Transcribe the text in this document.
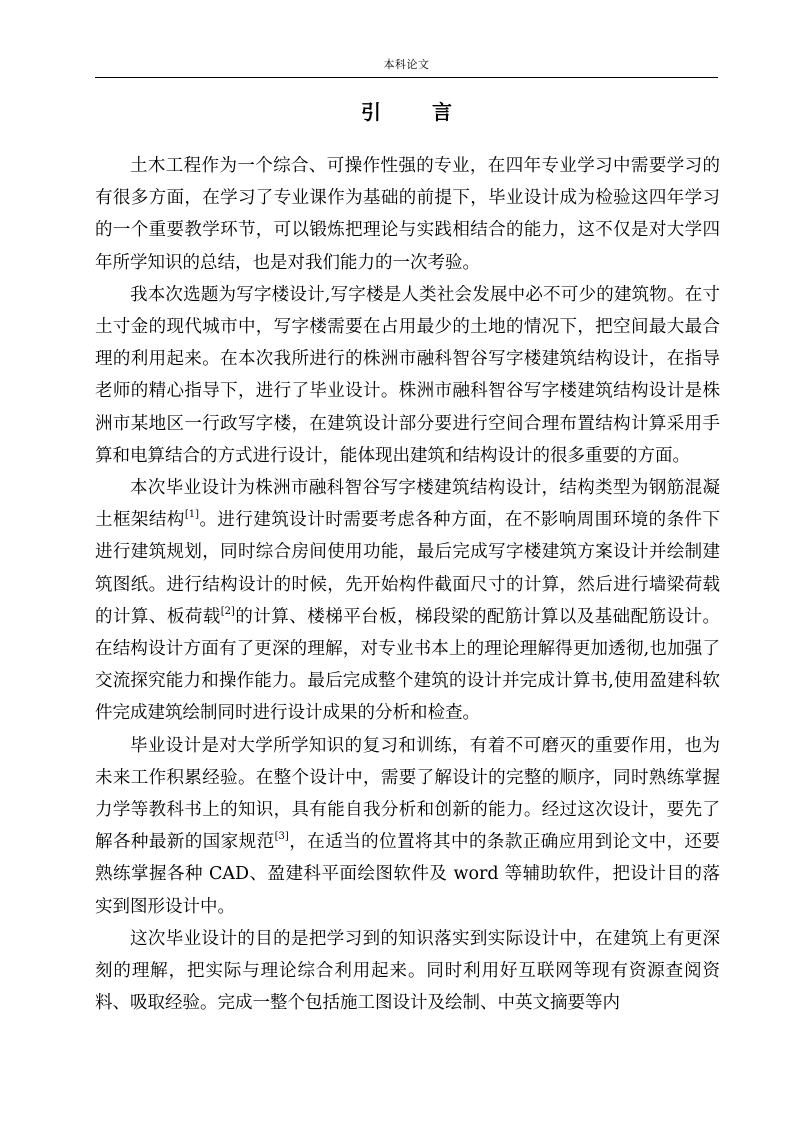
本科论文
引 言

土木工程作为一个综合、可操作性强的专业，在四年专业学习中需要学习的有很多方面，在学习了专业课作为基础的前提下，毕业设计成为检验这四年学习的一个重要教学环节，可以锻炼把理论与实践相结合的能力，这不仅是对大学四年所学知识的总结，也是对我们能力的一次考验。

我本次选题为写字楼设计,写字楼是人类社会发展中必不可少的建筑物。在寸土寸金的现代城市中，写字楼需要在占用最少的土地的情况下，把空间最大最合理的利用起来。在本次我所进行的株洲市融科智谷写字楼建筑结构设计，在指导老师的精心指导下，进行了毕业设计。株洲市融科智谷写字楼建筑结构设计是株洲市某地区一行政写字楼，在建筑设计部分要进行空间合理布置结构计算采用手算和电算结合的方式进行设计，能体现出建筑和结构设计的很多重要的方面。

本次毕业设计为株洲市融科智谷写字楼建筑结构设计，结构类型为钢筋混凝土框架结构[1]。进行建筑设计时需要考虑各种方面，在不影响周围环境的条件下进行建筑规划，同时综合房间使用功能，最后完成写字楼建筑方案设计并绘制建筑图纸。进行结构设计的时候，先开始构件截面尺寸的计算，然后进行墙梁荷载的计算、板荷载[2]的计算、楼梯平台板，梯段梁的配筋计算以及基础配筋设计。在结构设计方面有了更深的理解，对专业书本上的理论理解得更加透彻,也加强了交流探究能力和操作能力。最后完成整个建筑的设计并完成计算书,使用盈建科软件完成建筑绘制同时进行设计成果的分析和检查。

毕业设计是对大学所学知识的复习和训练，有着不可磨灭的重要作用，也为未来工作积累经验。在整个设计中，需要了解设计的完整的顺序，同时熟练掌握力学等教科书上的知识，具有能自我分析和创新的能力。经过这次设计，要先了解各种最新的国家规范[3]，在适当的位置将其中的条款正确应用到论文中，还要熟练掌握各种 CAD、盈建科平面绘图软件及 word 等辅助软件，把设计目的落实到图形设计中。

这次毕业设计的目的是把学习到的知识落实到实际设计中，在建筑上有更深刻的理解，把实际与理论综合利用起来。同时利用好互联网等现有资源查阅资料、吸取经验。完成一整个包括施工图设计及绘制、中英文摘要等内
